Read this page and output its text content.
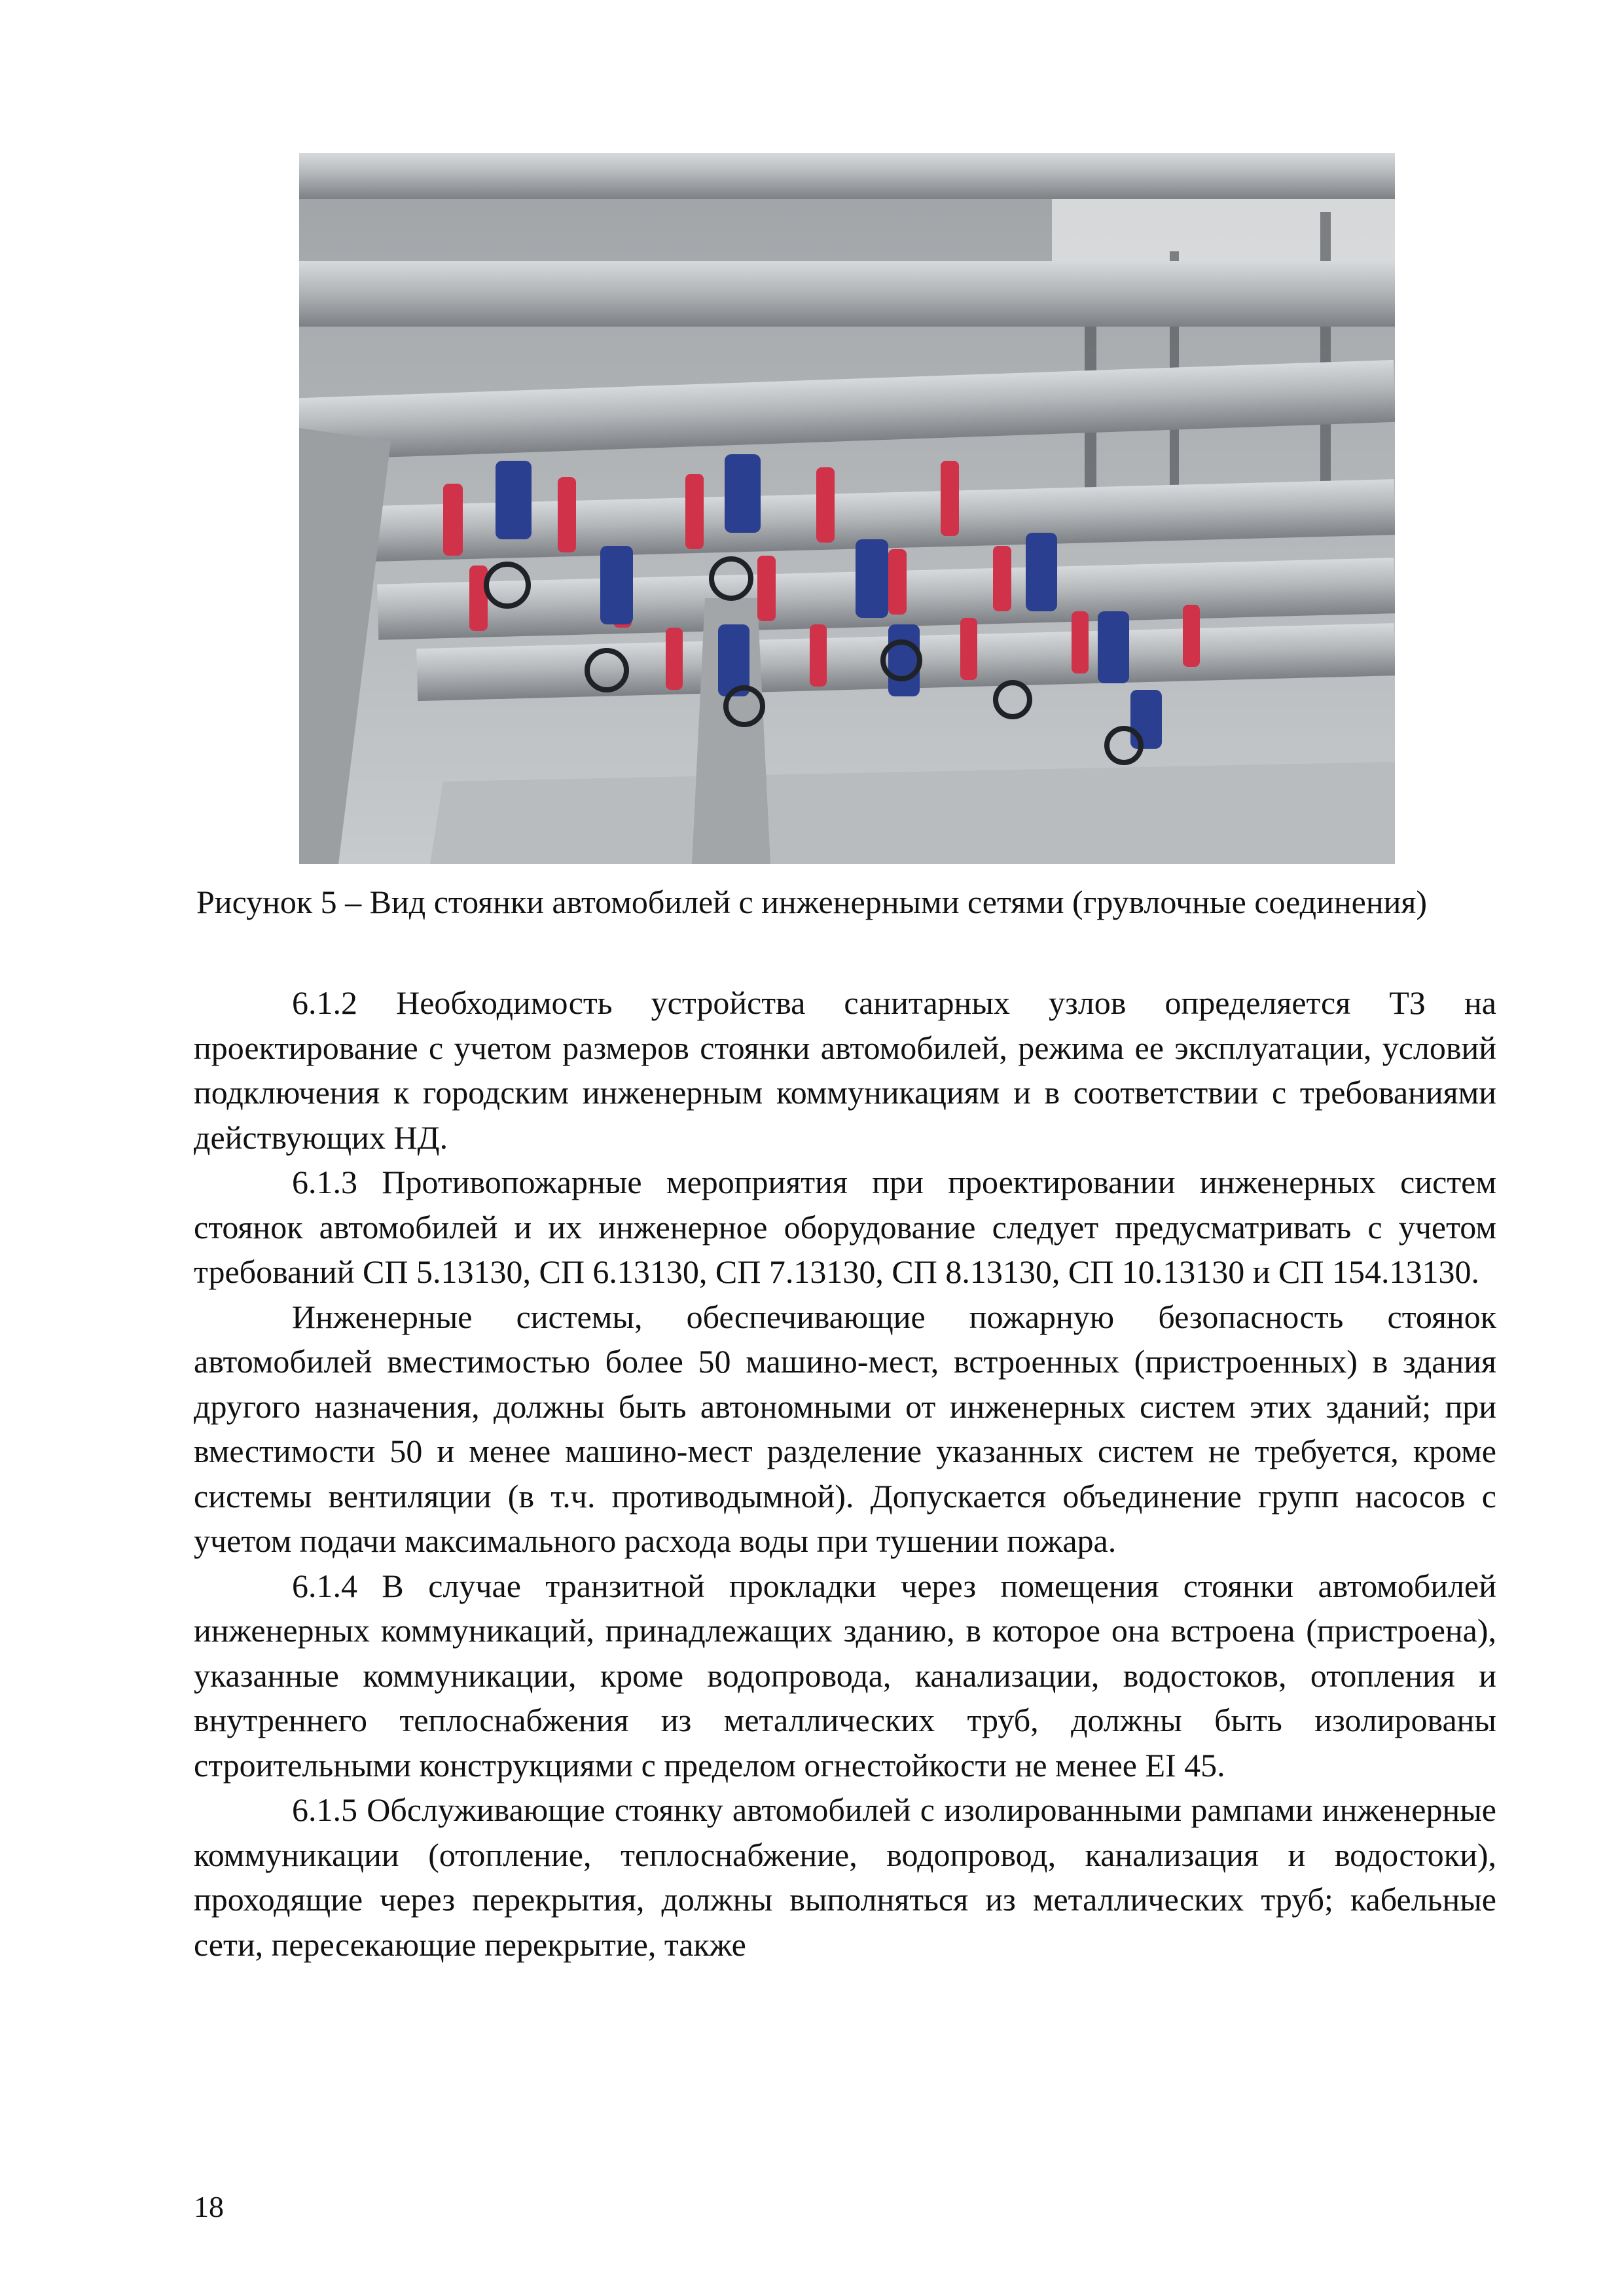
Рисунок 5 – Вид стоянки автомобилей с инженерными сетями (грувлочные соединения)

6.1.2 Необходимость устройства санитарных узлов определяется ТЗ на проектирование с учетом размеров стоянки автомобилей, режима ее эксплуатации, условий подключения к городским инженерным коммуникациям и в соответствии с требованиями действующих НД.

6.1.3 Противопожарные мероприятия при проектировании инженерных систем стоянок автомобилей и их инженерное оборудование следует предусматривать с учетом требований СП 5.13130, СП 6.13130, СП 7.13130, СП 8.13130, СП 10.13130 и СП 154.13130.

Инженерные системы, обеспечивающие пожарную безопасность стоянок автомобилей вместимостью более 50 машино-мест, встроенных (пристроенных) в здания другого назначения, должны быть автономными от инженерных систем этих зданий; при вместимости 50 и менее машино-мест разделение указанных систем не требуется, кроме системы вентиляции (в т.ч. противодымной). Допускается объединение групп насосов с учетом подачи максимального расхода воды при тушении пожара.

6.1.4 В случае транзитной прокладки через помещения стоянки автомобилей инженерных коммуникаций, принадлежащих зданию, в которое она встроена (пристроена), указанные коммуникации, кроме водопровода, канализации, водостоков, отопления и внутреннего теплоснабжения из металлических труб, должны быть изолированы строительными конструкциями с пределом огнестойкости не менее EI 45.

6.1.5 Обслуживающие стоянку автомобилей с изолированными рампами инженерные коммуникации (отопление, теплоснабжение, водопровод, канализация и водостоки), проходящие через перекрытия, должны выполняться из металлических труб; кабельные сети, пересекающие перекрытие, также

18
